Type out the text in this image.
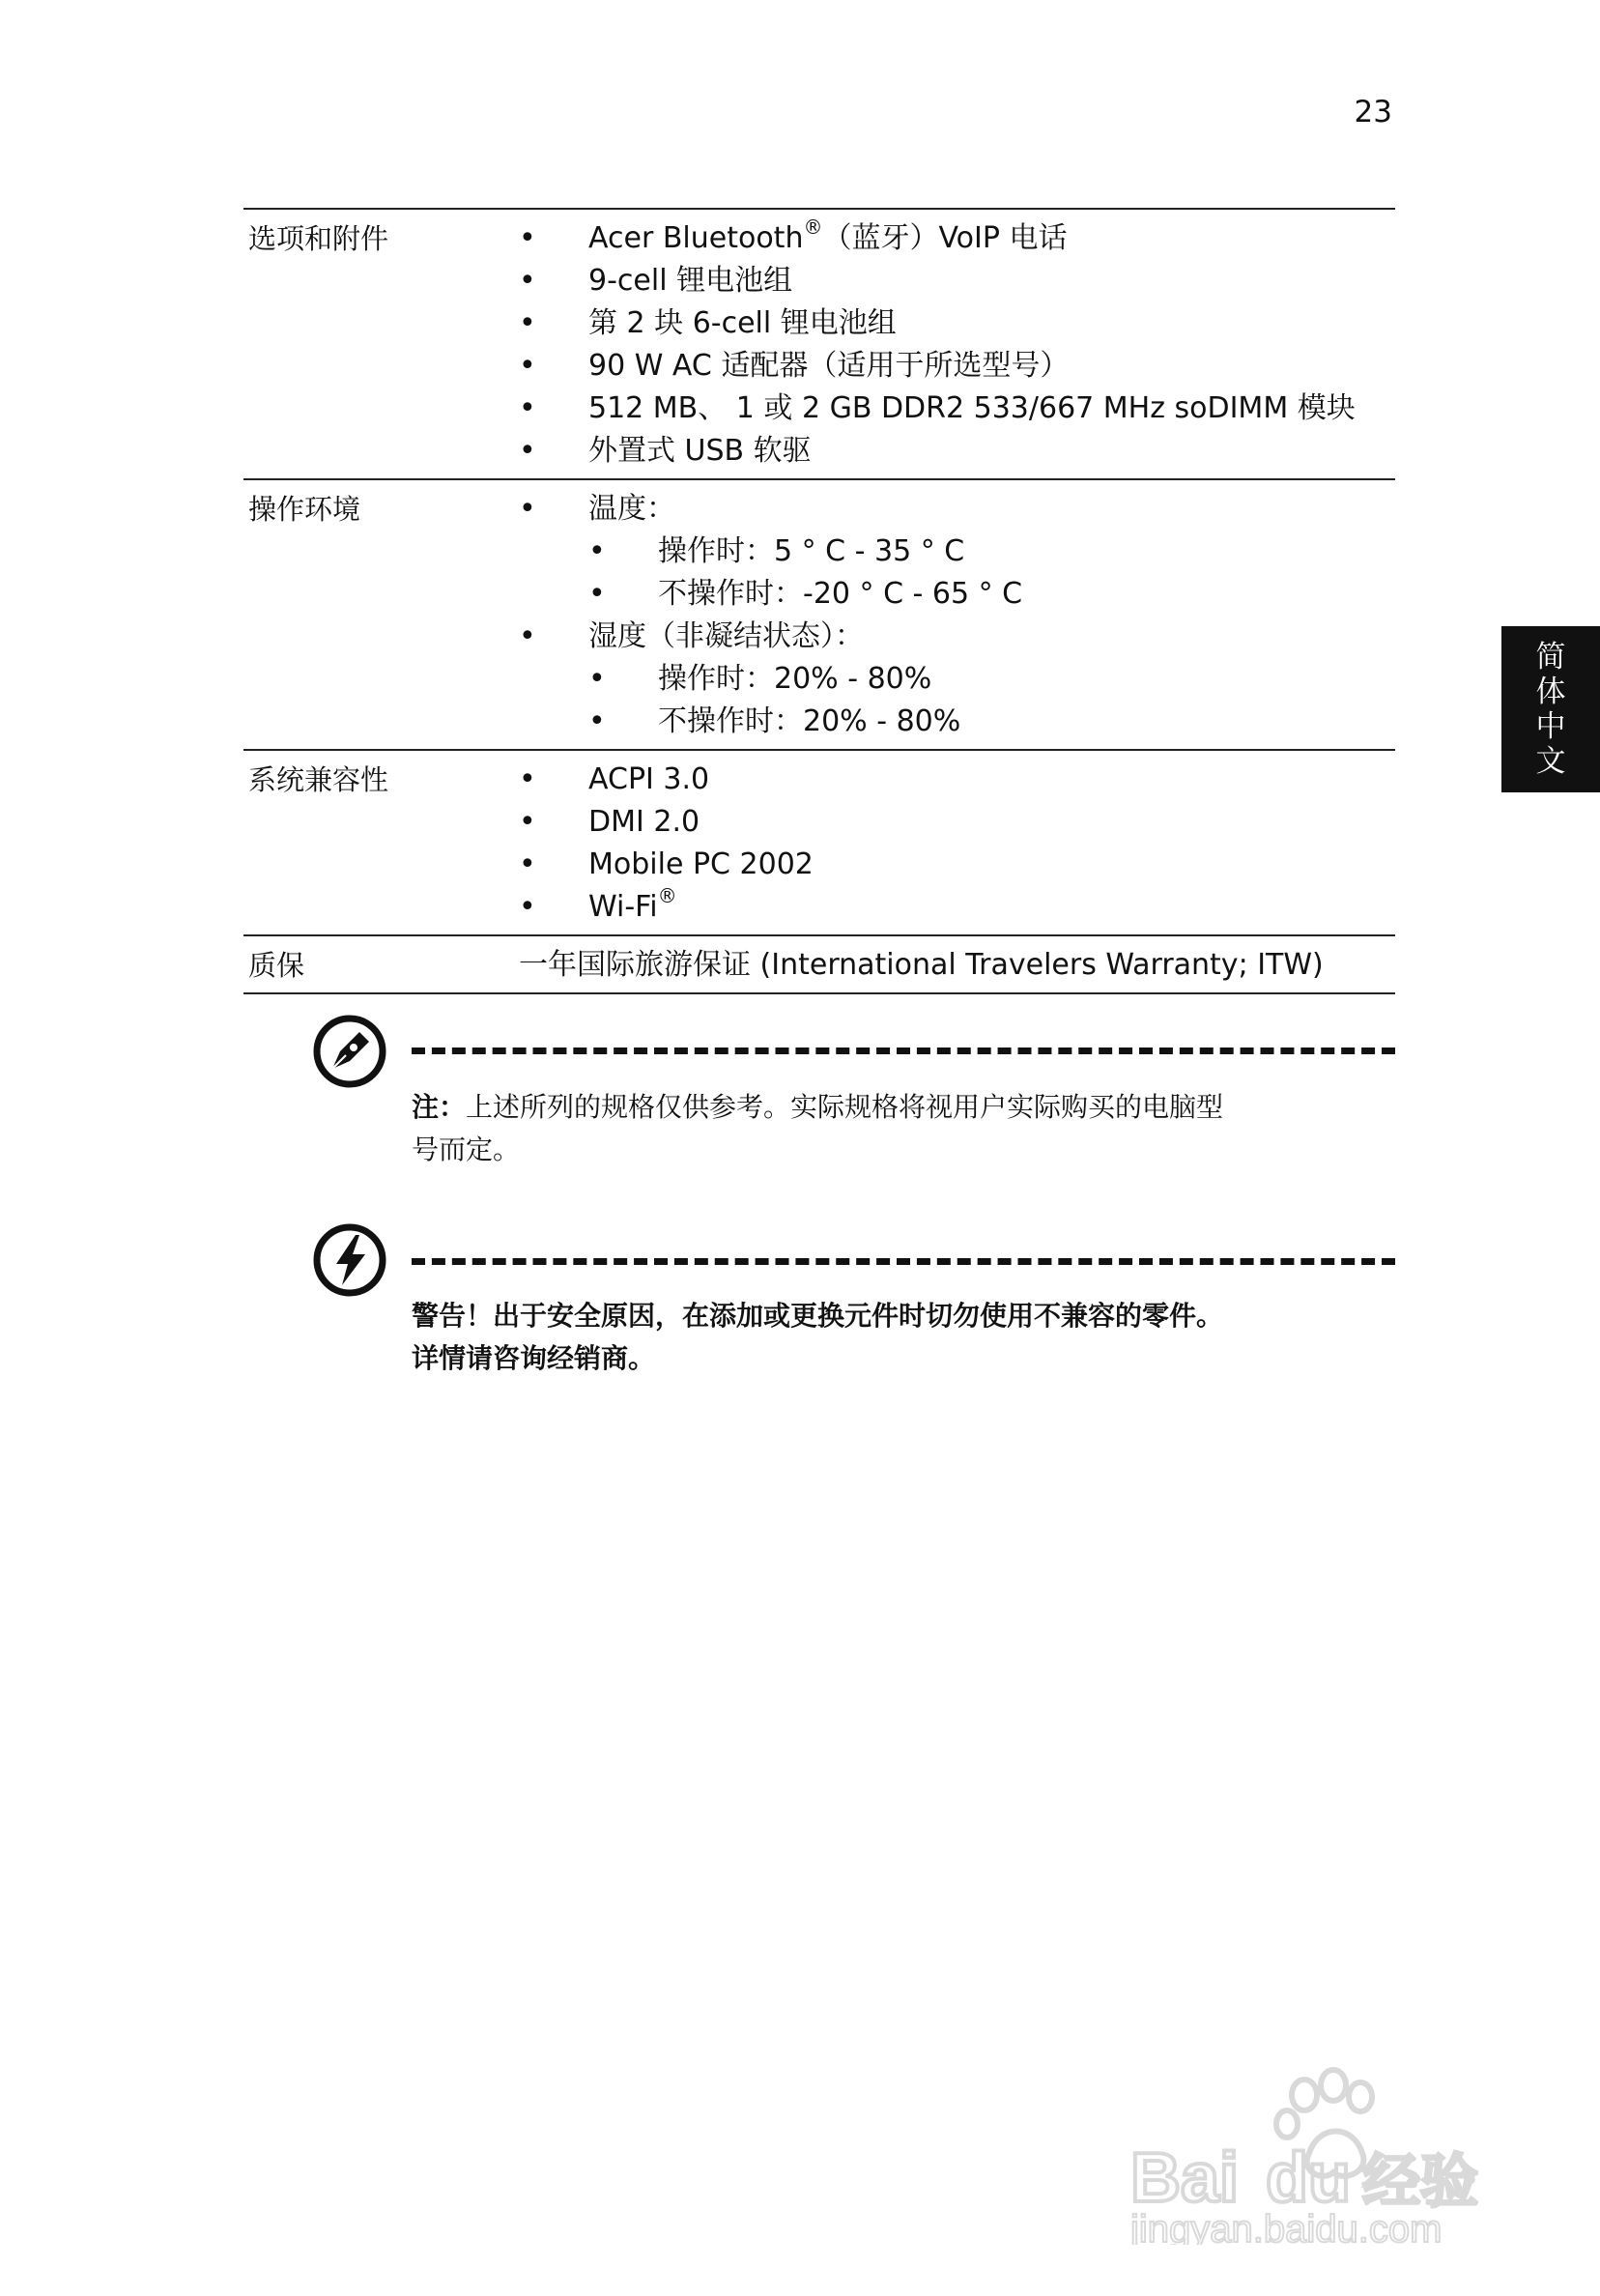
23
简
体
中
文
选项和附件	• Acer Bluetooth®（蓝牙）VoIP 电话
• 9-cell 锂电池组
• 第 2 块 6-cell 锂电池组
• 90 W AC 适配器（适用于所选型号）
• 512 MB、 1 或 2 GB DDR2 533/667 MHz soDIMM 模块
• 外置式 USB 软驱
操作环境	• 温度：
• 操作时：5 ° C - 35 ° C
• 不操作时：-20 ° C - 65 ° C
• 湿度（非凝结状态）：
• 操作时：20% - 80%
• 不操作时：20% - 80%
系统兼容性	• ACPI 3.0
• DMI 2.0
• Mobile PC 2002
• Wi-Fi®
质保	一年国际旅游保证 (International Travelers Warranty; ITW)
注：上述所列的规格仅供参考。实际规格将视用户实际购买的电脑型
号而定。
警告！出于安全原因，在添加或更换元件时切勿使用不兼容的零件。
详情请咨询经销商。
Bai du 经验
jingyan.baidu.com
